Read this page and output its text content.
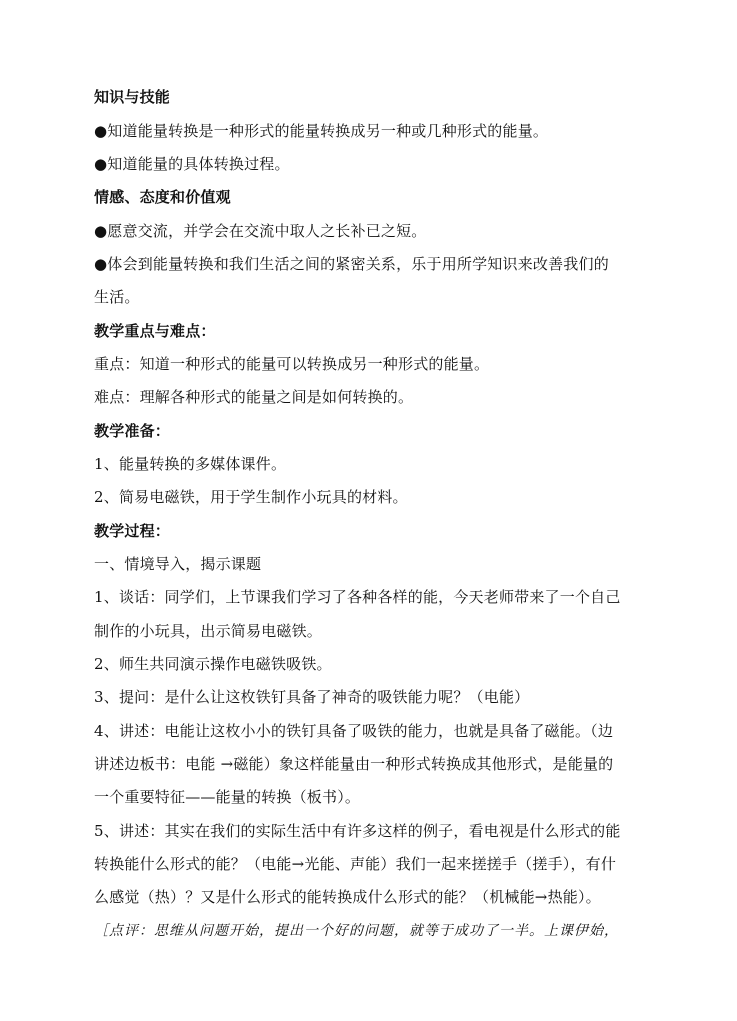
知识与技能
●知道能量转换是一种形式的能量转换成另一种或几种形式的能量。
●知道能量的具体转换过程。
情感、态度和价值观
●愿意交流，并学会在交流中取人之长补已之短。
●体会到能量转换和我们生活之间的紧密关系，乐于用所学知识来改善我们的
生活。
教学重点与难点：
重点：知道一种形式的能量可以转换成另一种形式的能量。
难点：理解各种形式的能量之间是如何转换的。
教学准备：
1、能量转换的多媒体课件。
2、简易电磁铁，用于学生制作小玩具的材料。
教学过程：
一、情境导入，揭示课题
1、谈话：同学们，上节课我们学习了各种各样的能，今天老师带来了一个自己
制作的小玩具，出示简易电磁铁。
2、师生共同演示操作电磁铁吸铁。
3、提问：是什么让这枚铁钉具备了神奇的吸铁能力呢？（电能）
4、讲述：电能让这枚小小的铁钉具备了吸铁的能力，也就是具备了磁能。（边
讲述边板书：电能 →磁能）象这样能量由一种形式转换成其他形式，是能量的
一个重要特征——能量的转换（板书）。
5、讲述：其实在我们的实际生活中有许多这样的例子，看电视是什么形式的能
转换能什么形式的能？（电能→光能、声能）我们一起来搓搓手（搓手），有什
么感觉（热）？又是什么形式的能转换成什么形式的能？（机械能→热能）。
［点评：思维从问题开始，提出一个好的问题，就等于成功了一半。上课伊始，
